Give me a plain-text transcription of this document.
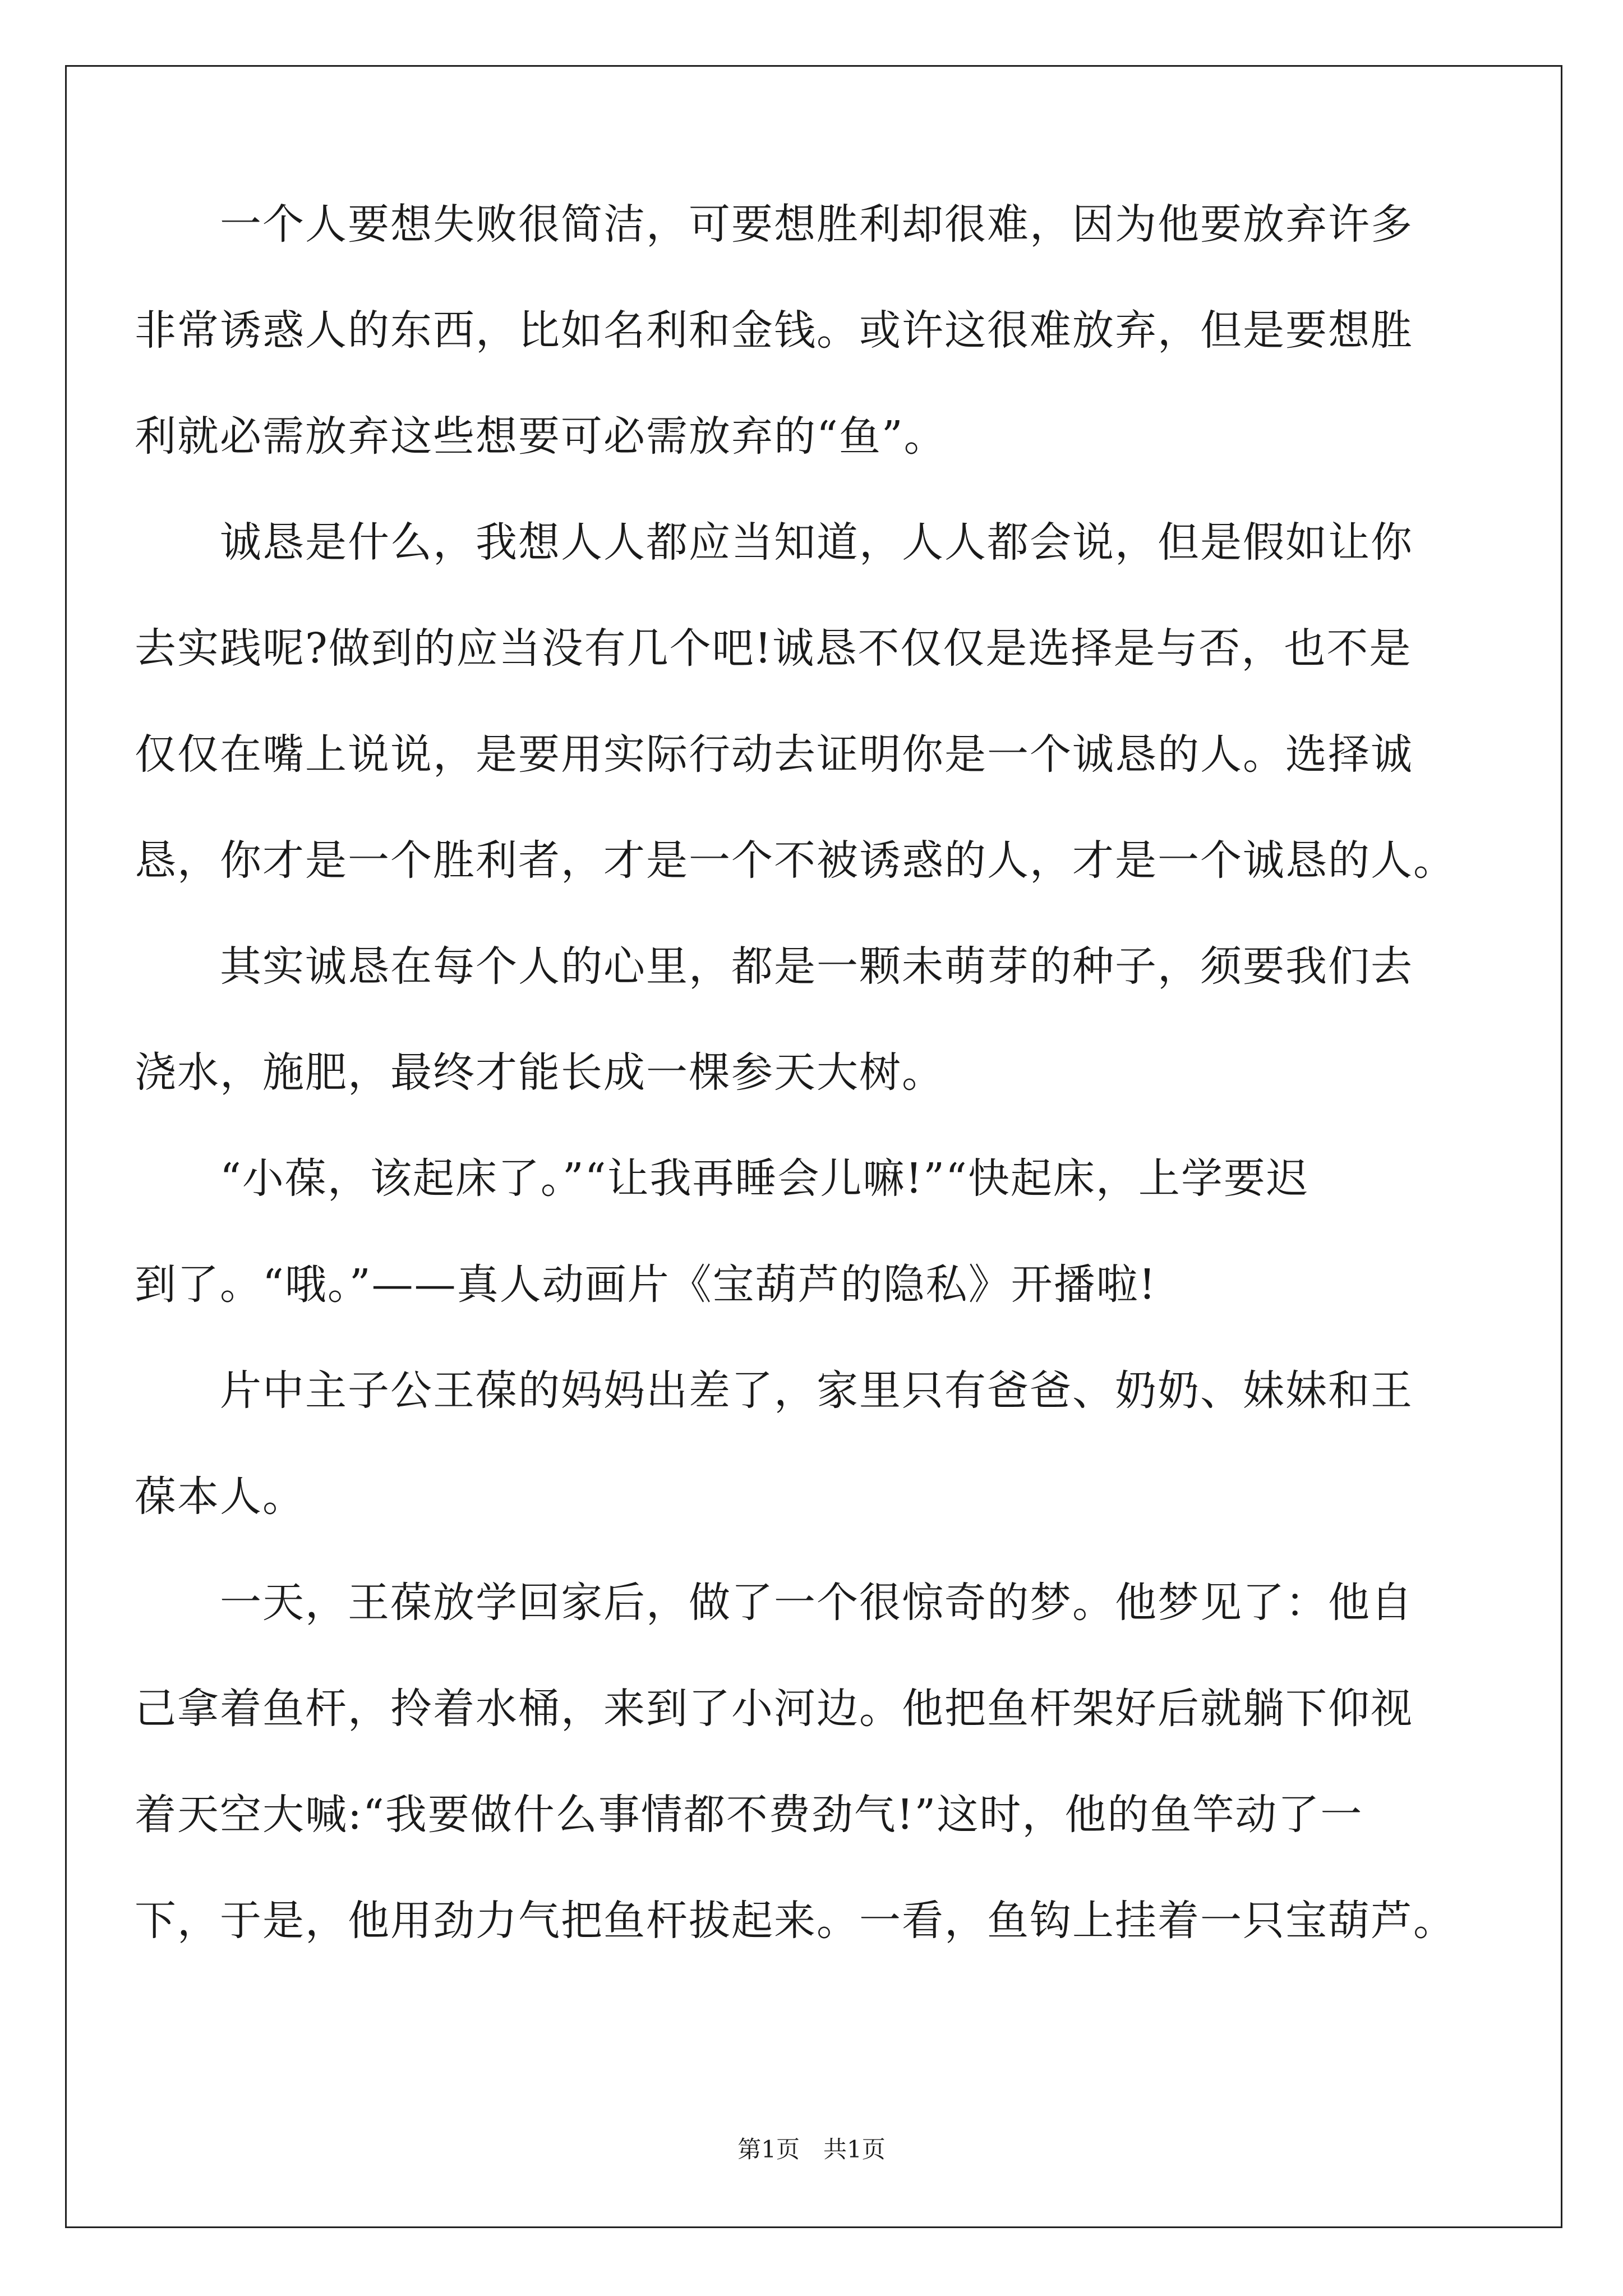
　　一个人要想失败很简洁，可要想胜利却很难，因为他要放弃许多
非常诱惑人的东西，比如名利和金钱。或许这很难放弃，但是要想胜
利就必需放弃这些想要可必需放弃的“鱼”。
　　诚恳是什么，我想人人都应当知道，人人都会说，但是假如让你
去实践呢?做到的应当没有几个吧!诚恳不仅仅是选择是与否，也不是
仅仅在嘴上说说，是要用实际行动去证明你是一个诚恳的人。选择诚
恳，你才是一个胜利者，才是一个不被诱惑的人，才是一个诚恳的人。
　　其实诚恳在每个人的心里，都是一颗未萌芽的种子，须要我们去
浇水，施肥，最终才能长成一棵参天大树。
　　“小葆，该起床了。”“让我再睡会儿嘛!”“快起床，上学要迟
到了。“哦。”——真人动画片《宝葫芦的隐私》开播啦!
　　片中主子公王葆的妈妈出差了，家里只有爸爸、奶奶、妹妹和王
葆本人。
　　一天，王葆放学回家后，做了一个很惊奇的梦。他梦见了：他自
己拿着鱼杆，拎着水桶，来到了小河边。他把鱼杆架好后就躺下仰视
着天空大喊:“我要做什么事情都不费劲气!”这时，他的鱼竿动了一
下，于是，他用劲力气把鱼杆拔起来。一看，鱼钩上挂着一只宝葫芦。
第1页　共1页
